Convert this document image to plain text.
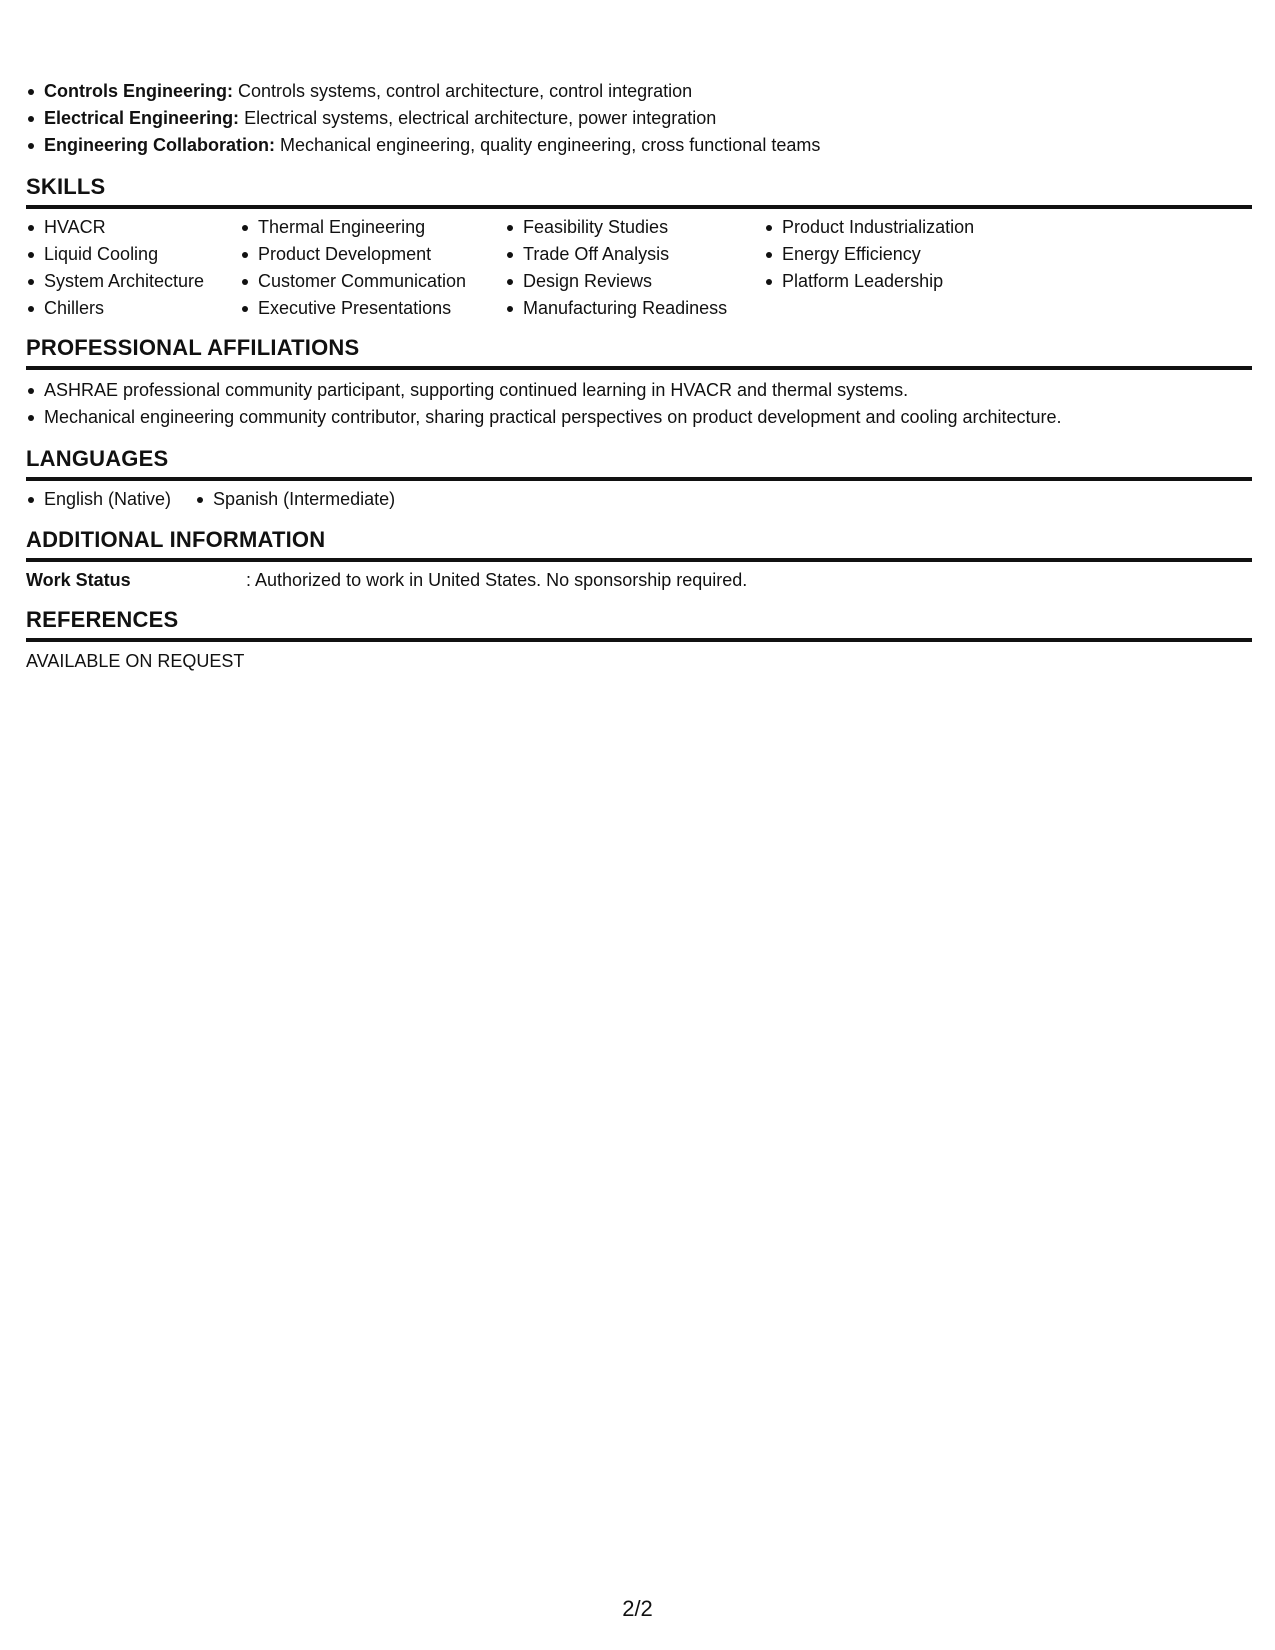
Controls Engineering: Controls systems, control architecture, control integration
Electrical Engineering: Electrical systems, electrical architecture, power integration
Engineering Collaboration: Mechanical engineering, quality engineering, cross functional teams
SKILLS
HVACR
Liquid Cooling
System Architecture
Chillers
Thermal Engineering
Product Development
Customer Communication
Executive Presentations
Feasibility Studies
Trade Off Analysis
Design Reviews
Manufacturing Readiness
Product Industrialization
Energy Efficiency
Platform Leadership
PROFESSIONAL AFFILIATIONS
ASHRAE professional community participant, supporting continued learning in HVACR and thermal systems.
Mechanical engineering community contributor, sharing practical perspectives on product development and cooling architecture.
LANGUAGES
English (Native)	Spanish (Intermediate)
ADDITIONAL INFORMATION
Work Status	: Authorized to work in United States. No sponsorship required.
REFERENCES
AVAILABLE ON REQUEST
2/2
